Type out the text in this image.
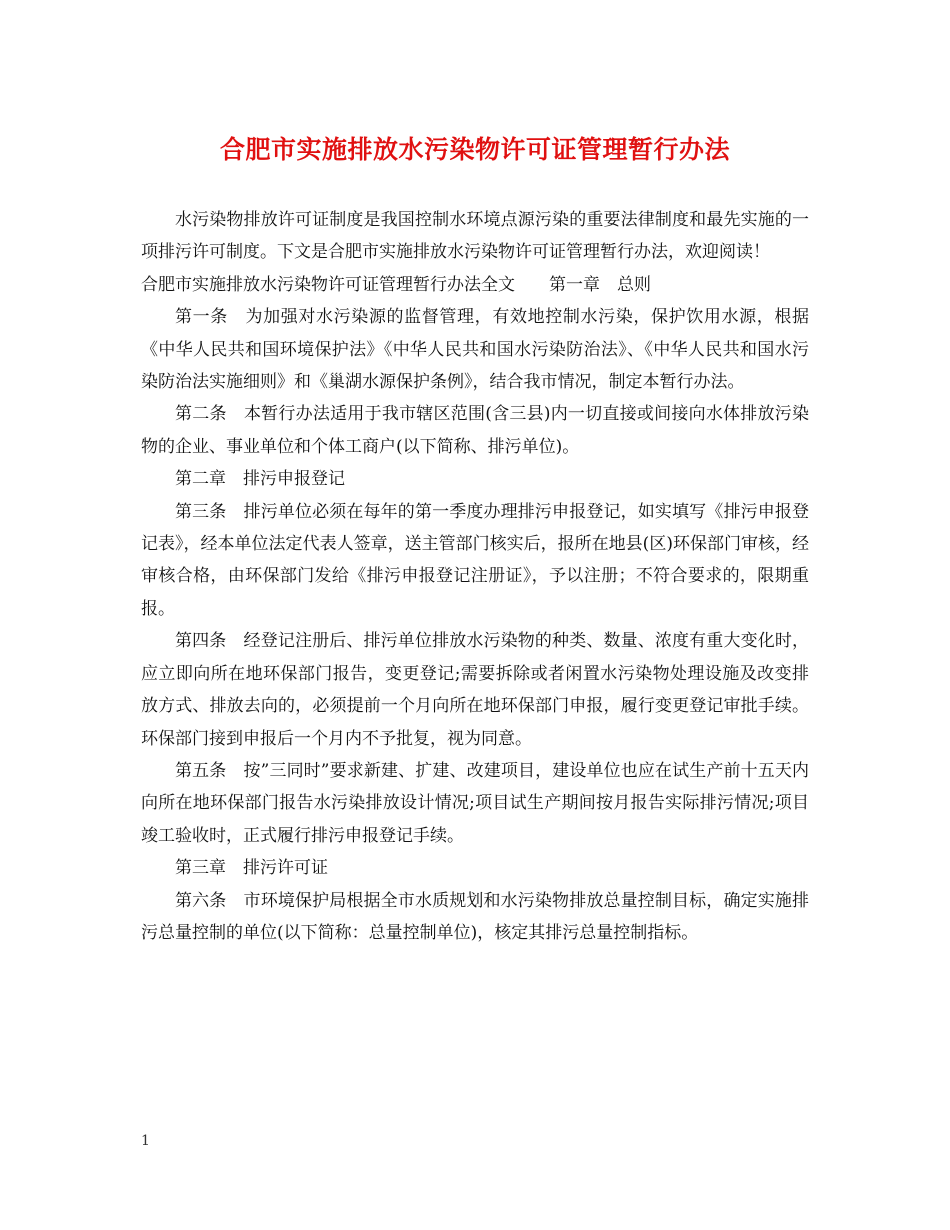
合肥市实施排放水污染物许可证管理暂行办法

水污染物排放许可证制度是我国控制水环境点源污染的重要法律制度和最先实施的一项排污许可制度。下文是合肥市实施排放水污染物许可证管理暂行办法，欢迎阅读！

合肥市实施排放水污染物许可证管理暂行办法全文　　第一章　总则

第一条　为加强对水污染源的监督管理，有效地控制水污染，保护饮用水源，根据《中华人民共和国环境保护法》《中华人民共和国水污染防治法》、《中华人民共和国水污染防治法实施细则》和《巢湖水源保护条例》，结合我市情况，制定本暂行办法。

第二条　本暂行办法适用于我市辖区范围(含三县)内一切直接或间接向水体排放污染物的企业、事业单位和个体工商户(以下简称、排污单位)。

第二章　排污申报登记

第三条　排污单位必须在每年的第一季度办理排污申报登记，如实填写《排污申报登记表》，经本单位法定代表人签章，送主管部门核实后，报所在地县(区)环保部门审核，经审核合格，由环保部门发给《排污申报登记注册证》，予以注册；不符合要求的，限期重报。

第四条　经登记注册后、排污单位排放水污染物的种类、数量、浓度有重大变化时，应立即向所在地环保部门报告，变更登记;需要拆除或者闲置水污染物处理设施及改变排放方式、排放去向的，必须提前一个月向所在地环保部门申报，履行变更登记审批手续。环保部门接到申报后一个月内不予批复，视为同意。

第五条　按”三同时”要求新建、扩建、改建项目，建设单位也应在试生产前十五天内向所在地环保部门报告水污染排放设计情况;项目试生产期间按月报告实际排污情况;项目竣工验收时，正式履行排污申报登记手续。

第三章　排污许可证

第六条　市环境保护局根据全市水质规划和水污染物排放总量控制目标，确定实施排污总量控制的单位(以下简称：总量控制单位)，核定其排污总量控制指标。

1
